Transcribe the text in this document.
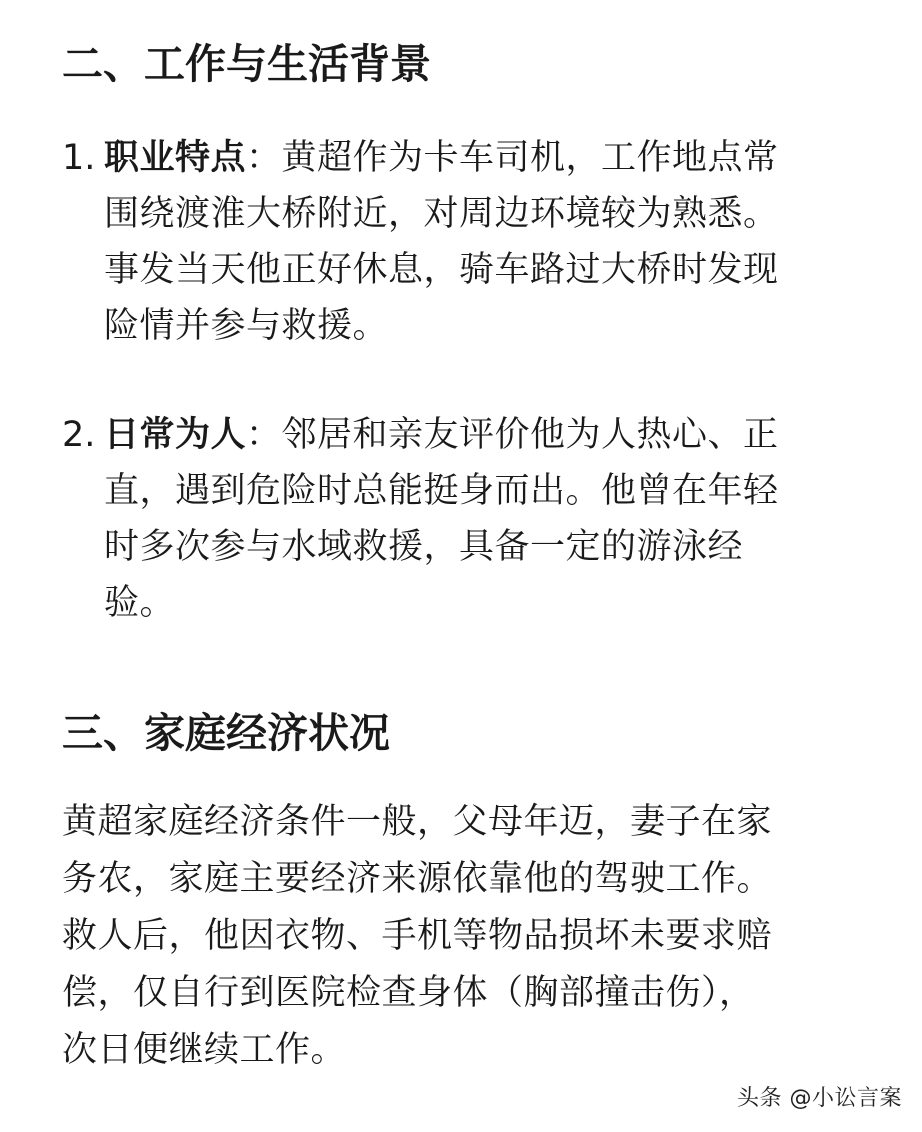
二、工作与生活背景
1. 职业特点：黄超作为卡车司机，工作地点常
围绕渡淮大桥附近，对周边环境较为熟悉。
事发当天他正好休息，骑车路过大桥时发现
险情并参与救援。
2. 日常为人：邻居和亲友评价他为人热心、正
直，遇到危险时总能挺身而出。他曾在年轻
时多次参与水域救援，具备一定的游泳经
验。
三、家庭经济状况
黄超家庭经济条件一般，父母年迈，妻子在家
务农，家庭主要经济来源依靠他的驾驶工作。
救人后，他因衣物、手机等物品损坏未要求赔
偿，仅自行到医院检查身体（胸部撞击伤），
次日便继续工作。
头条 @小讼言案
